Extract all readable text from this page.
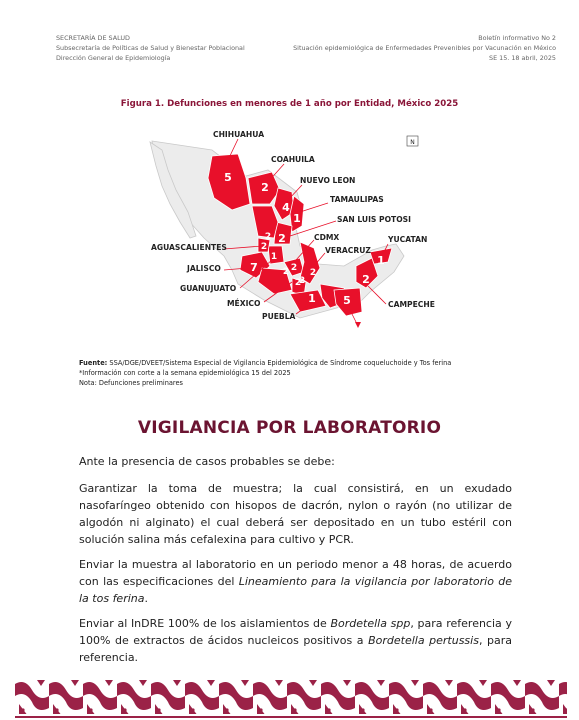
SECRETARÍA DE SALUD
Subsecretaría de Políticas de Salud y Bienestar Poblacional
Dirección General de Epidemiología
Boletín informativo No 2
Situación epidemiológica de Enfermedades Prevenibles por Vacunación en México
SE 15. 18 abril, 2025
Figura 1. Defunciones en menores de 1 año por Entidad, México 2025
N
5
2
4
1
2
2 2
1
2
2
7
1
2
1 5
2
2
2
CHIHUAHUA
COAHUILA
NUEVO LEON
TAMAULIPAS
SAN LUIS POTOSI
CDMX
VERACRUZ
YUCATAN
CAMPECHE
AGUASCALIENTES
JALISCO
GUANUJUATO
MÉXICO
PUEBLA
Fuente: SSA/DGE/DVEET/Sistema Especial de Vigilancia Epidemiológica de Síndrome coqueluchoide y Tos ferina
*Información con corte a la semana epidemiológica 15 del 2025
Nota: Defunciones preliminares
VIGILANCIA POR LABORATORIO
Ante la presencia de casos probables se debe:
Garantizar la toma de muestra; la cual consistirá, en un exudado nasofaríngeo obtenido con hisopos de dacrón, nylon o rayón (no utilizar de algodón ni alginato) el cual deberá ser depositado en un tubo estéril con solución salina más cefalexina para cultivo y PCR.
Enviar la muestra al laboratorio en un periodo menor a 48 horas, de acuerdo con las especificaciones del Lineamiento para la vigilancia por laboratorio de la tos ferina.
Enviar al InDRE 100% de los aislamientos de Bordetella spp, para referencia y 100% de extractos de ácidos nucleicos positivos a Bordetella pertussis, para referencia.
